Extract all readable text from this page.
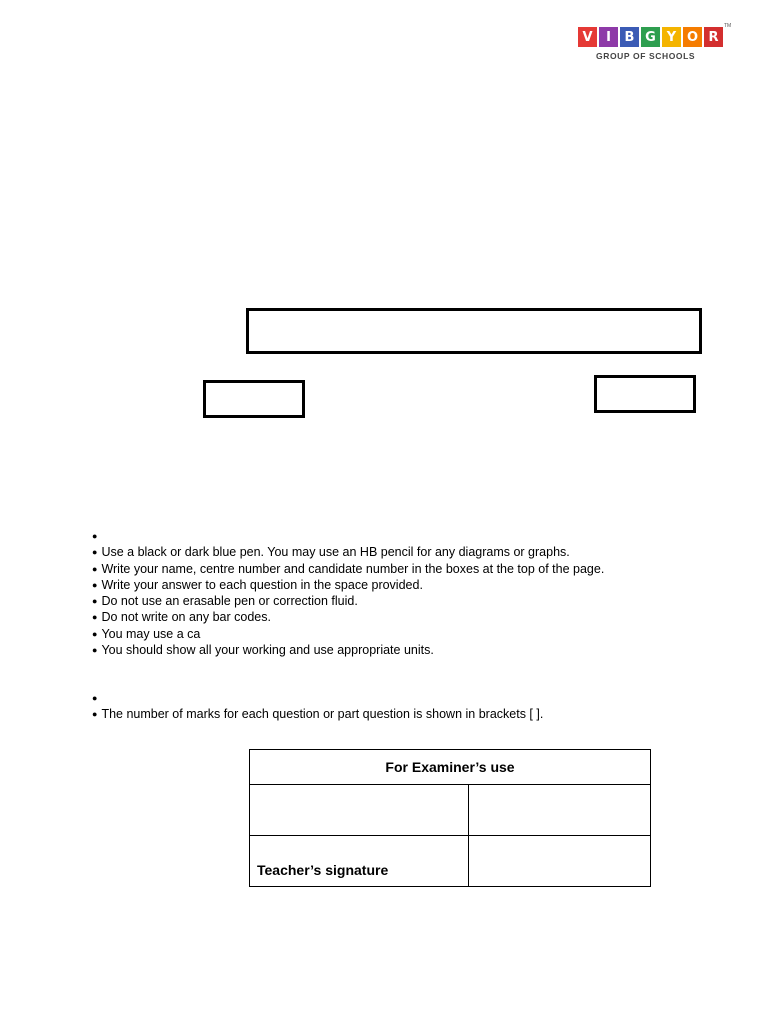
V	I	B G Y O R
TM
GROUP OF SCHOOLS
●
● Use a black or dark blue pen. You may use an HB pencil for any diagrams or graphs.
● Write your name, centre number and candidate number in the boxes at the top of the page.
● Write your answer to each question in the space provided.
● Do not use an erasable pen or correction fluid.
● Do not write on any bar codes.
● You may use a ca
● You should show all your working and use appropriate units.
●
● The number of marks for each question or part question is shown in brackets [ ].
For Examiner’s use	

Teacher’s signature	
